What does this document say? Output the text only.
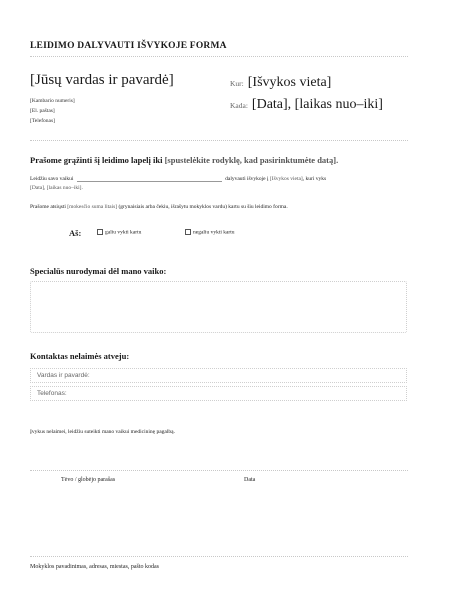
LEIDIMO DALYVAUTI IŠVYKOJE FORMA
[Jūsų vardas ir pavardė]
[Kambario numeris]
[El. paštas]
[Telefonas]
Kur: [Išvykos vieta]
Kada: [Data], [laikas nuo–iki]
Prašome grąžinti šį leidimo lapelį iki [spustelėkite rodyklę, kad pasirinktumėte datą].
Leidžiu savo vaikui	dalyvauti išvykoje į [Išvykos vieta], kuri vyks
[Data], [laikas nuo–iki].
Prašome atsiųsti [mokesčio suma litais] (grynaisiais arba čekiu, išrašytu mokyklos vardu) kartu su šiu leidimo forma.
Aš:	galiu vykti kartu	negaliu vykti kartu
Specialūs nurodymai dėl mano vaiko:
Kontaktas nelaimės atveju:
Vardas ir pavardė:
Telefonas:
Įvykus nelaimei, leidžiu suteikti mano vaikui medicininę pagalbą.
Tėvo / globėjo parašas	Data
Mokyklos pavadinimas, adresas, miestas, pašto kodas
